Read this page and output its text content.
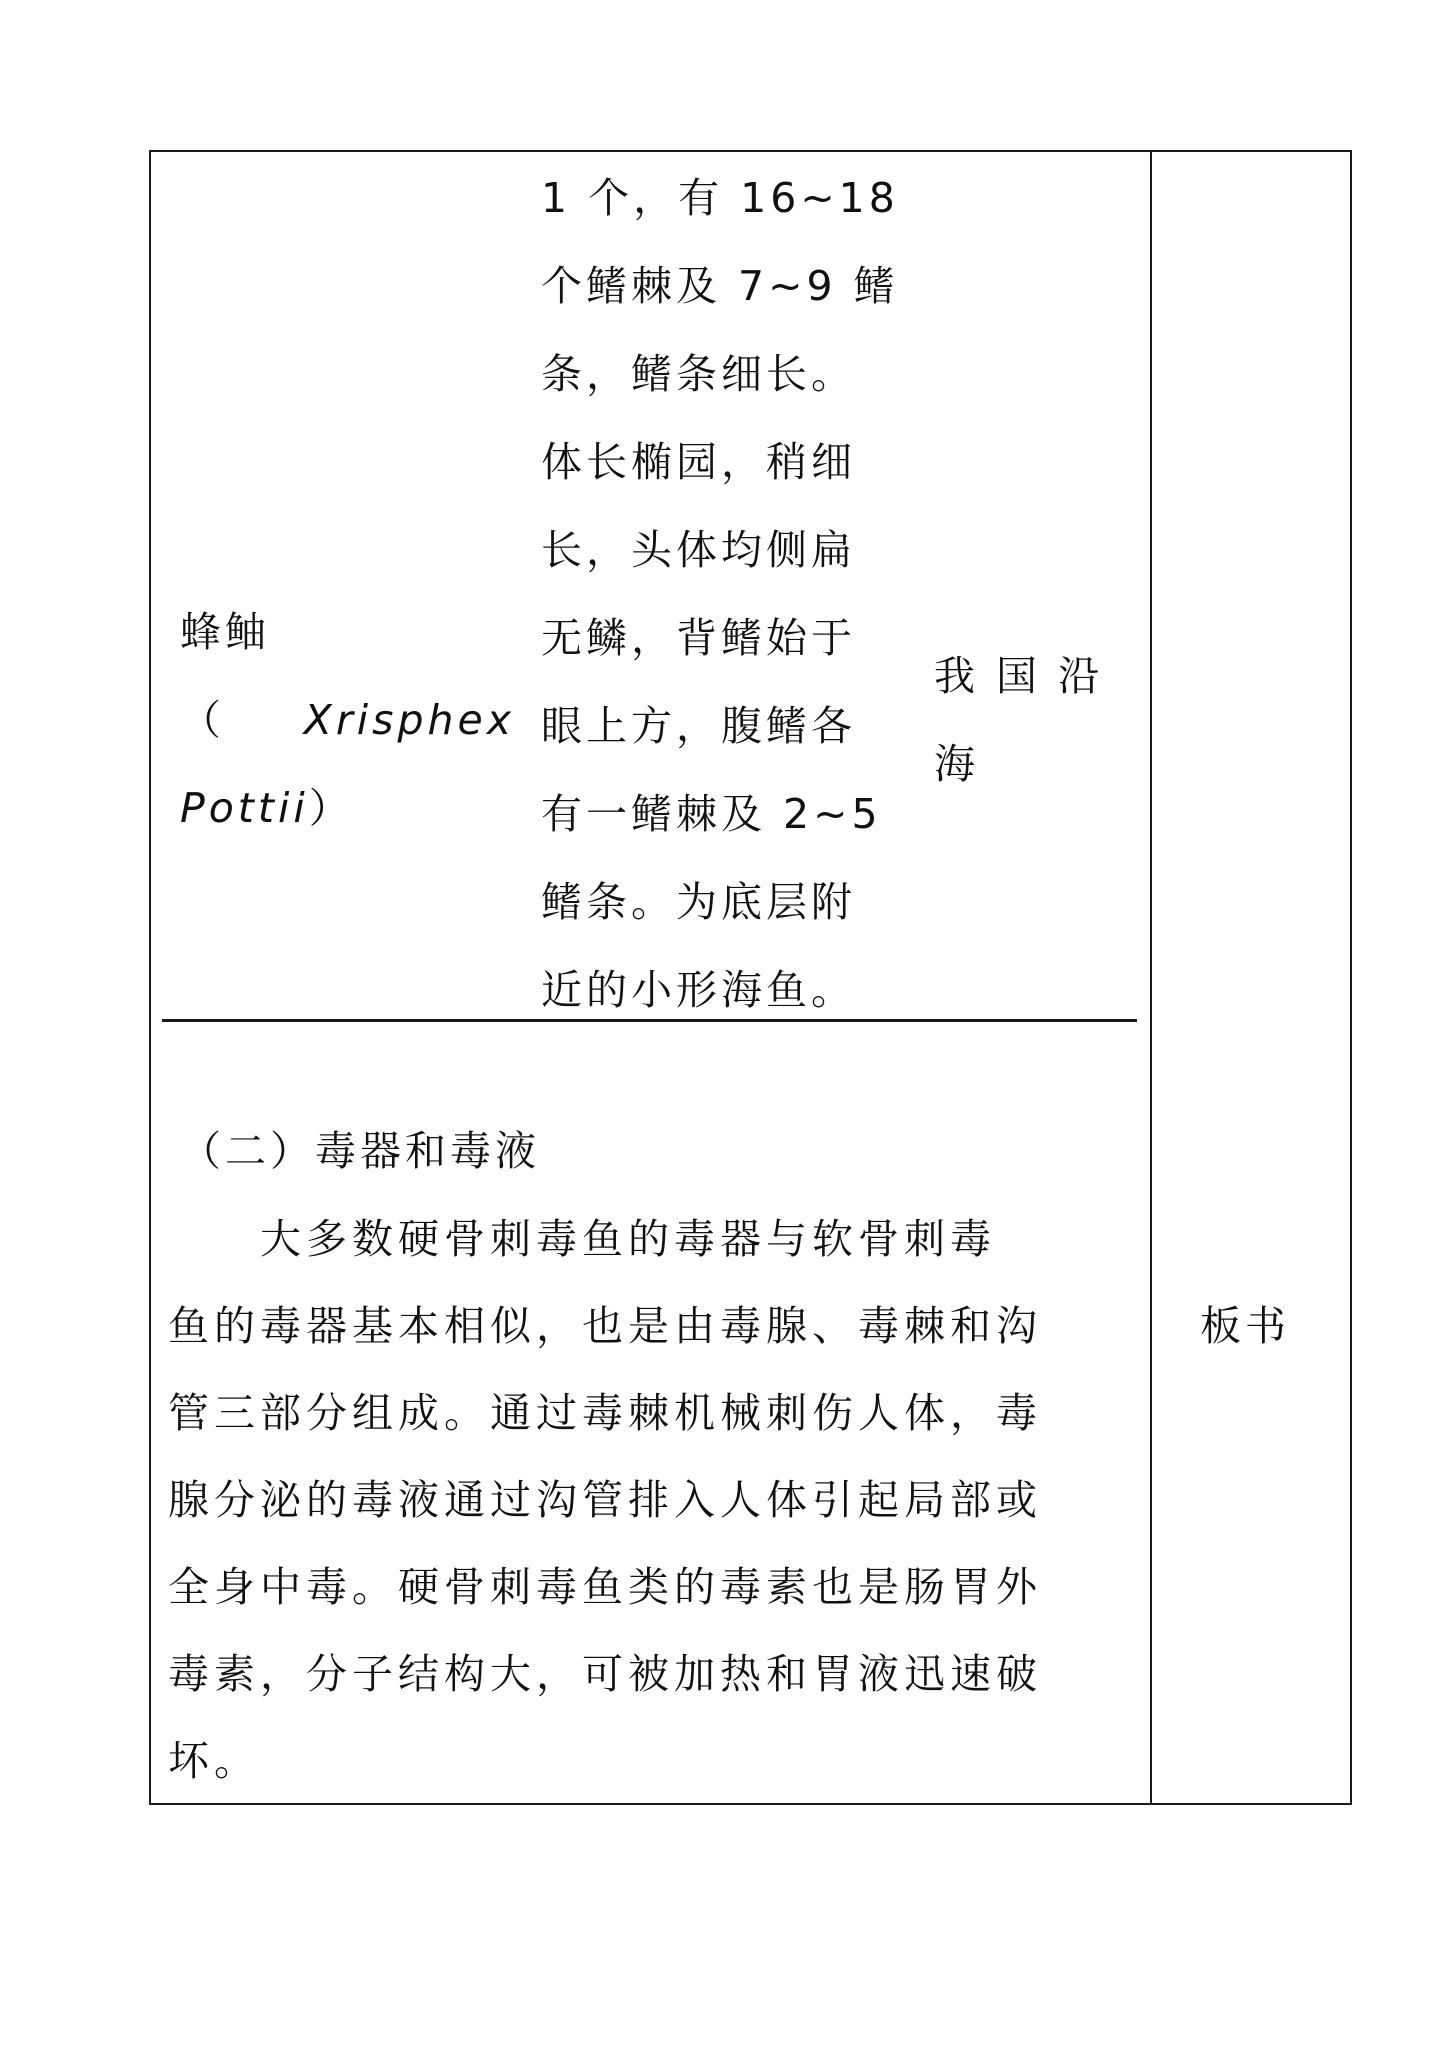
蜂鲉
（ Xrisphex
Pottii）
1 个，有 16~18
个鳍棘及 7~9 鳍
条，鳍条细长。
体长椭园，稍细
长，头体均侧扁
无鳞，背鳍始于
眼上方，腹鳍各
有一鳍棘及 2~5
鳍条。为底层附
近的小形海鱼。
我 国 沿
海
（二）毒器和毒液
　　大多数硬骨刺毒鱼的毒器与软骨刺毒
鱼的毒器基本相似，也是由毒腺、毒棘和沟
管三部分组成。通过毒棘机械刺伤人体，毒
腺分泌的毒液通过沟管排入人体引起局部或
全身中毒。硬骨刺毒鱼类的毒素也是肠胃外
毒素，分子结构大，可被加热和胃液迅速破
坏。
板书
